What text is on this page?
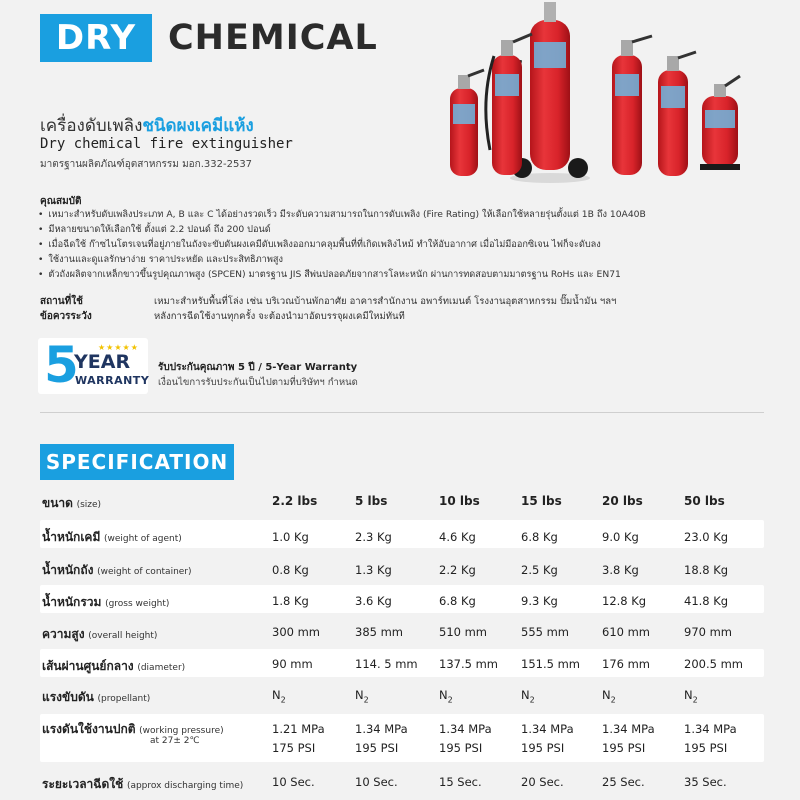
DRY CHEMICAL
เครื่องดับเพลิงชนิดผงเคมีแห้ง
Dry chemical fire extinguisher
มาตรฐานผลิตภัณฑ์อุตสาหกรรม มอก.332-2537
คุณสมบัติ
• เหมาะสำหรับดับเพลิงประเภท A, B และ C ได้อย่างรวดเร็ว มีระดับความสามารถในการดับเพลิง (Fire Rating) ให้เลือกใช้หลายรุ่นตั้งแต่ 1B ถึง 10A40B
• มีหลายขนาดให้เลือกใช้ ตั้งแต่ 2.2 ปอนด์ ถึง 200 ปอนด์
• เมื่อฉีดใช้ ก๊าซไนโตรเจนที่อยู่ภายในถังจะขับดันผงเคมีดับเพลิงออกมาคลุมพื้นที่ที่เกิดเพลิงไหม้ ทำให้อับอากาศ เมื่อไม่มีออกซิเจน ไฟก็จะดับลง
• ใช้งานและดูแลรักษาง่าย ราคาประหยัด และประสิทธิภาพสูง
• ตัวถังผลิตจากเหล็กขาวขึ้นรูปคุณภาพสูง (SPCEN) มาตรฐาน JIS สีพ่นปลอดภัยจากสารโลหะหนัก ผ่านการทดสอบตามมาตรฐาน RoHs และ EN71
สถานที่ใช้	เหมาะสำหรับพื้นที่โล่ง เช่น บริเวณบ้านพักอาศัย อาคารสำนักงาน อพาร์ทเมนต์ โรงงานอุตสาหกรรม ปั๊มน้ำมัน ฯลฯ
ข้อควรระวัง	หลังการฉีดใช้งานทุกครั้ง จะต้องนำมาอัดบรรจุผงเคมีใหม่ทันที
5 ★★★★★
YEAR
WARRANTY
รับประกันคุณภาพ 5 ปี / 5-Year Warranty
เงื่อนไขการรับประกันเป็นไปตามที่บริษัทฯ กำหนด
SPECIFICATION
ขนาด (size)	2.2 lbs	5 lbs	10 lbs	15 lbs	20 lbs	50 lbs
น้ำหนักเคมี (weight of agent)	1.0 Kg	2.3 Kg	4.6 Kg	6.8 Kg	9.0 Kg	23.0 Kg
น้ำหนักถัง (weight of container)	0.8 Kg	1.3 Kg	2.2 Kg	2.5 Kg	3.8 Kg	18.8 Kg
น้ำหนักรวม (gross weight)	1.8 Kg	3.6 Kg	6.8 Kg	9.3 Kg	12.8 Kg	41.8 Kg
ความสูง (overall height)	300 mm	385 mm	510 mm	555 mm	610 mm	970 mm
เส้นผ่านศูนย์กลาง (diameter)	90 mm	114. 5 mm 137.5 mm 151.5 mm 176 mm	200.5 mm
แรงขับดัน (propellant)	$N_2$	$N_2$	$N_2$	$N_2$	$N_2$	$N_2$
แรงดันใช้งานปกติ (working pressure)
at 27± 2℃
1.21 MPa	1.34 MPa	1.34 MPa	1.34 MPa 1.34 MPa	1.34 MPa
175 PSI	195 PSI	195 PSI	195 PSI	195 PSI	195 PSI
ระยะเวลาฉีดใช้ (approx discharging time) 10 Sec.	10 Sec.	15 Sec.	20 Sec.	25 Sec.	35 Sec.
